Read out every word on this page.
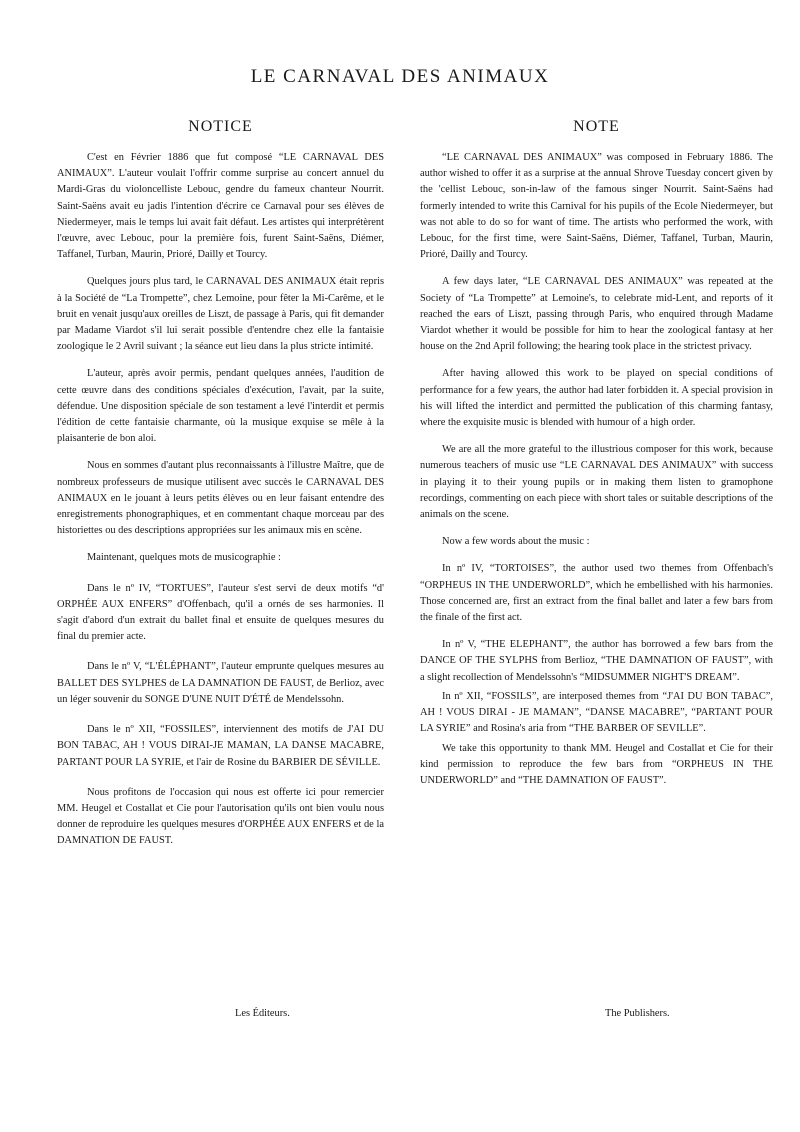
LE CARNAVAL DES ANIMAUX
NOTICE

C'est en Février 1886 que fut composé “LE CARNAVAL DES ANIMAUX”. L'auteur voulait l'offrir comme surprise au concert annuel du Mardi-Gras du violoncelliste Lebouc, gendre du fameux chanteur Nourrit. Saint-Saëns avait eu jadis l'intention d'écrire ce Carnaval pour ses élèves de Niedermeyer, mais le temps lui avait fait défaut. Les artistes qui interprétèrent l'œuvre, avec Lebouc, pour la première fois, furent Saint-Saëns, Diémer, Taffanel, Turban, Maurin, Prioré, Dailly et Tourcy.

Quelques jours plus tard, le CARNAVAL DES ANIMAUX était repris à la Société de “La Trompette”, chez Lemoine, pour fêter la Mi-Carême, et le bruit en venait jusqu'aux oreilles de Liszt, de passage à Paris, qui fit demander par Madame Viardot s'il lui serait possible d'entendre chez elle la fantaisie zoologique le 2 Avril suivant ; la séance eut lieu dans la plus stricte intimité.

L'auteur, après avoir permis, pendant quelques années, l'audition de cette œuvre dans des conditions spéciales d'exécution, l'avait, par la suite, défendue. Une disposition spéciale de son testament a levé l'interdit et permis l'édition de cette fantaisie charmante, où la musique exquise se mêle à la plaisanterie de bon aloi.

Nous en sommes d'autant plus reconnaissants à l'illustre Maître, que de nombreux professeurs de musique utilisent avec succès le CARNAVAL DES ANIMAUX en le jouant à leurs petits élèves ou en leur faisant entendre des enregistrements phonographiques, et en commentant chaque morceau par des historiettes ou des descriptions appropriées sur les animaux mis en scène.

Maintenant, quelques mots de musicographie :

Dans le nº IV, “TORTUES”, l'auteur s'est servi de deux motifs “d' ORPHÉE AUX ENFERS” d'Offenbach, qu'il a ornés de ses harmonies. Il s'agit d'abord d'un extrait du ballet final et ensuite de quelques mesures du final du premier acte.

Dans le nº V, “L'ÉLÉPHANT”, l'auteur emprunte quelques mesures au BALLET DES SYLPHES de LA DAMNATION DE FAUST, de Berlioz, avec un léger souvenir du SONGE D'UNE NUIT D'ÉTÉ de Mendelssohn.

Dans le nº XII, “FOSSILES”, interviennent des motifs de J'AI DU BON TABAC, AH ! VOUS DIRAI-JE MAMAN, LA DANSE MACABRE, PARTANT POUR LA SYRIE, et l'air de Rosine du BARBIER DE SÉVILLE.

Nous profitons de l'occasion qui nous est offerte ici pour remercier MM. Heugel et Costallat et Cie pour l'autorisation qu'ils ont bien voulu nous donner de reproduire les quelques mesures d'ORPHÉE AUX ENFERS et de la DAMNATION DE FAUST.

NOTE

“LE CARNAVAL DES ANIMAUX” was composed in February 1886. The author wished to offer it as a surprise at the annual Shrove Tuesday concert given by the 'cellist Lebouc, son-in-law of the famous singer Nourrit. Saint-Saëns had formerly intended to write this Carnival for his pupils of the Ecole Niedermeyer, but was not able to do so for want of time. The artists who performed the work, with Lebouc, for the first time, were Saint-Saëns, Diémer, Taffanel, Turban, Maurin, Prioré, Dailly and Tourcy.

A few days later, “LE CARNAVAL DES ANIMAUX” was repeated at the Society of “La Trompette” at Lemoine's, to celebrate mid-Lent, and reports of it reached the ears of Liszt, passing through Paris, who enquired through Madame Viardot whether it would be possible for him to hear the zoological fantasy at her house on the 2nd April following; the hearing took place in the strictest privacy.

After having allowed this work to be played on special conditions of performance for a few years, the author had later forbidden it. A special provision in his will lifted the interdict and permitted the publication of this charming fantasy, where the exquisite music is blended with humour of a high order.

We are all the more grateful to the illustrious composer for this work, because numerous teachers of music use “LE CARNAVAL DES ANIMAUX” with success in playing it to their young pupils or in making them listen to gramophone recordings, commenting on each piece with short tales or suitable descriptions of the animals on the scene.

Now a few words about the music :

In nº IV, “TORTOISES”, the author used two themes from Offenbach's “ORPHEUS IN THE UNDERWORLD”, which he embellished with his harmonies. Those concerned are, first an extract from the final ballet and later a few bars from the finale of the first act.

In nº V, “THE ELEPHANT”, the author has borrowed a few bars from the DANCE OF THE SYLPHS from Berlioz, “THE DAMNATION OF FAUST”, with a slight recollection of Mendelssohn's “MIDSUMMER NIGHT'S DREAM”.

In nº XII, “FOSSILS”, are interposed themes from “J'AI DU BON TABAC”, AH ! VOUS DIRAI - JE MAMAN”, “DANSE MACABRE”, “PARTANT POUR LA SYRIE” and Rosina's aria from “THE BARBER OF SEVILLE”.

We take this opportunity to thank MM. Heugel and Costallat et Cie for their kind permission to reproduce the few bars from “ORPHEUS IN THE UNDERWORLD” and “THE DAMNATION OF FAUST”.

Les Éditeurs.	The Publishers.
